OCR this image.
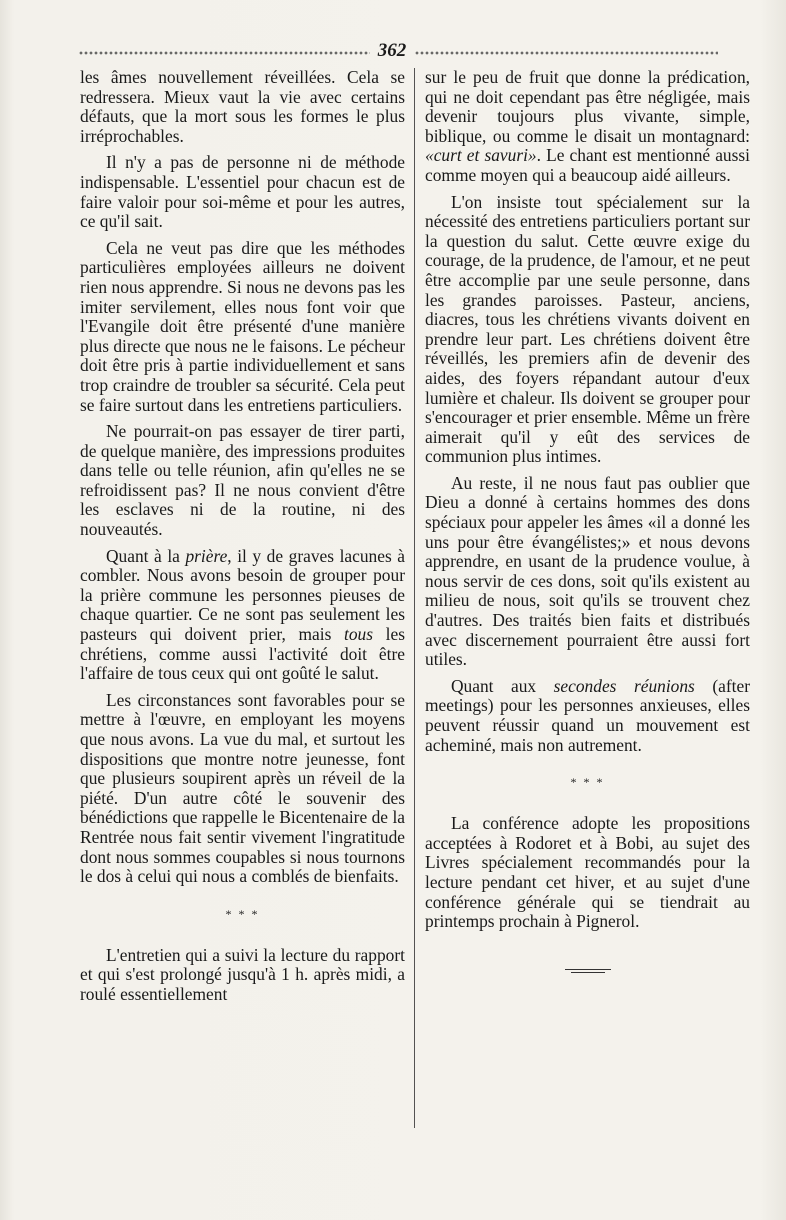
362

les âmes nouvellement réveillées. Cela se redressera. Mieux vaut la vie avec certains défauts, que la mort sous les formes le plus irréprochables.

Il n'y a pas de personne ni de méthode indispensable. L'essentiel pour chacun est de faire valoir pour soi-même et pour les autres, ce qu'il sait.

Cela ne veut pas dire que les méthodes particulières employées ailleurs ne doivent rien nous apprendre. Si nous ne devons pas les imiter servilement, elles nous font voir que l'Evangile doit être présenté d'une manière plus directe que nous ne le faisons. Le pécheur doit être pris à partie individuellement et sans trop craindre de troubler sa sécurité. Cela peut se faire surtout dans les entretiens particuliers.

Ne pourrait-on pas essayer de tirer parti, de quelque manière, des impressions produites dans telle ou telle réunion, afin qu'elles ne se refroidissent pas? Il ne nous convient d'être les esclaves ni de la routine, ni des nouveautés.

Quant à la prière, il y de graves lacunes à combler. Nous avons besoin de grouper pour la prière commune les personnes pieuses de chaque quartier. Ce ne sont pas seulement les pasteurs qui doivent prier, mais tous les chrétiens, comme aussi l'activité doit être l'affaire de tous ceux qui ont goûté le salut.

Les circonstances sont favorables pour se mettre à l'œuvre, en employant les moyens que nous avons. La vue du mal, et surtout les dispositions que montre notre jeunesse, font que plusieurs soupirent après un réveil de la piété. D'un autre côté le souvenir des bénédictions que rappelle le Bicentenaire de la Rentrée nous fait sentir vivement l'ingratitude dont nous sommes coupables si nous tournons le dos à celui qui nous a comblés de bienfaits.

* * *

L'entretien qui a suivi la lecture du rapport et qui s'est prolongé jusqu'à 1 h. après midi, a roulé essentiellement

sur le peu de fruit que donne la prédication, qui ne doit cependant pas être négligée, mais devenir toujours plus vivante, simple, biblique, ou comme le disait un montagnard: «curt et savuri». Le chant est mentionné aussi comme moyen qui a beaucoup aidé ailleurs.

L'on insiste tout spécialement sur la nécessité des entretiens particuliers portant sur la question du salut. Cette œuvre exige du courage, de la prudence, de l'amour, et ne peut être accomplie par une seule personne, dans les grandes paroisses. Pasteur, anciens, diacres, tous les chrétiens vivants doivent en prendre leur part. Les chrétiens doivent être réveillés, les premiers afin de devenir des aides, des foyers répandant autour d'eux lumière et chaleur. Ils doivent se grouper pour s'encourager et prier ensemble. Même un frère aimerait qu'il y eût des services de communion plus intimes.

Au reste, il ne nous faut pas oublier que Dieu a donné à certains hommes des dons spéciaux pour appeler les âmes «il a donné les uns pour être évangélistes;» et nous devons apprendre, en usant de la prudence voulue, à nous servir de ces dons, soit qu'ils existent au milieu de nous, soit qu'ils se trouvent chez d'autres. Des traités bien faits et distribués avec discernement pourraient être aussi fort utiles.

Quant aux secondes réunions (after meetings) pour les personnes anxieuses, elles peuvent réussir quand un mouvement est acheminé, mais non autrement.

* * *

La conférence adopte les propositions acceptées à Rodoret et à Bobi, au sujet des Livres spécialement recommandés pour la lecture pendant cet hiver, et au sujet d'une conférence générale qui se tiendrait au printemps prochain à Pignerol.
